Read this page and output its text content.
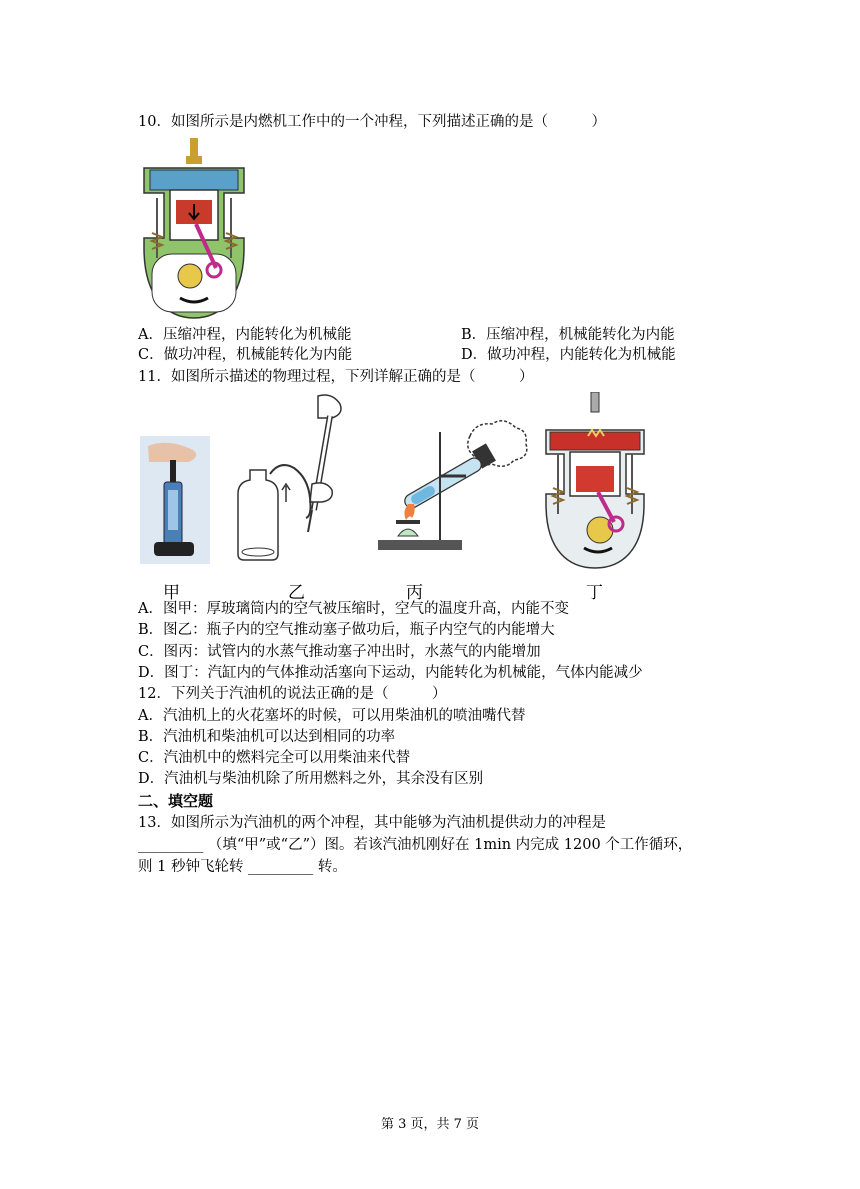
10．如图所示是内燃机工作中的一个冲程，下列描述正确的是（　　　）
A．压缩冲程，内能转化为机械能	B．压缩冲程，机械能转化为内能
C．做功冲程，机械能转化为内能	D．做功冲程，内能转化为机械能
11．如图所示描述的物理过程，下列详解正确的是（　　　）
甲	乙	丙	丁
A．图甲：厚玻璃筒内的空气被压缩时，空气的温度升高，内能不变
B．图乙：瓶子内的空气推动塞子做功后，瓶子内空气的内能增大
C．图丙：试管内的水蒸气推动塞子冲出时，水蒸气的内能增加
D．图丁：汽缸内的气体推动活塞向下运动，内能转化为机械能，气体内能减少
12．下列关于汽油机的说法正确的是（　　　）
A．汽油机上的火花塞坏的时候，可以用柴油机的喷油嘴代替
B．汽油机和柴油机可以达到相同的功率
C．汽油机中的燃料完全可以用柴油来代替
D．汽油机与柴油机除了所用燃料之外，其余没有区别
二、填空题
13．如图所示为汽油机的两个冲程，其中能够为汽油机提供动力的冲程是
_________ （填“甲”或“乙”）图。若该汽油机刚好在 1min 内完成 1200 个工作循环，
则 1 秒钟飞轮转 _________ 转。
第 3 页，共 7 页
